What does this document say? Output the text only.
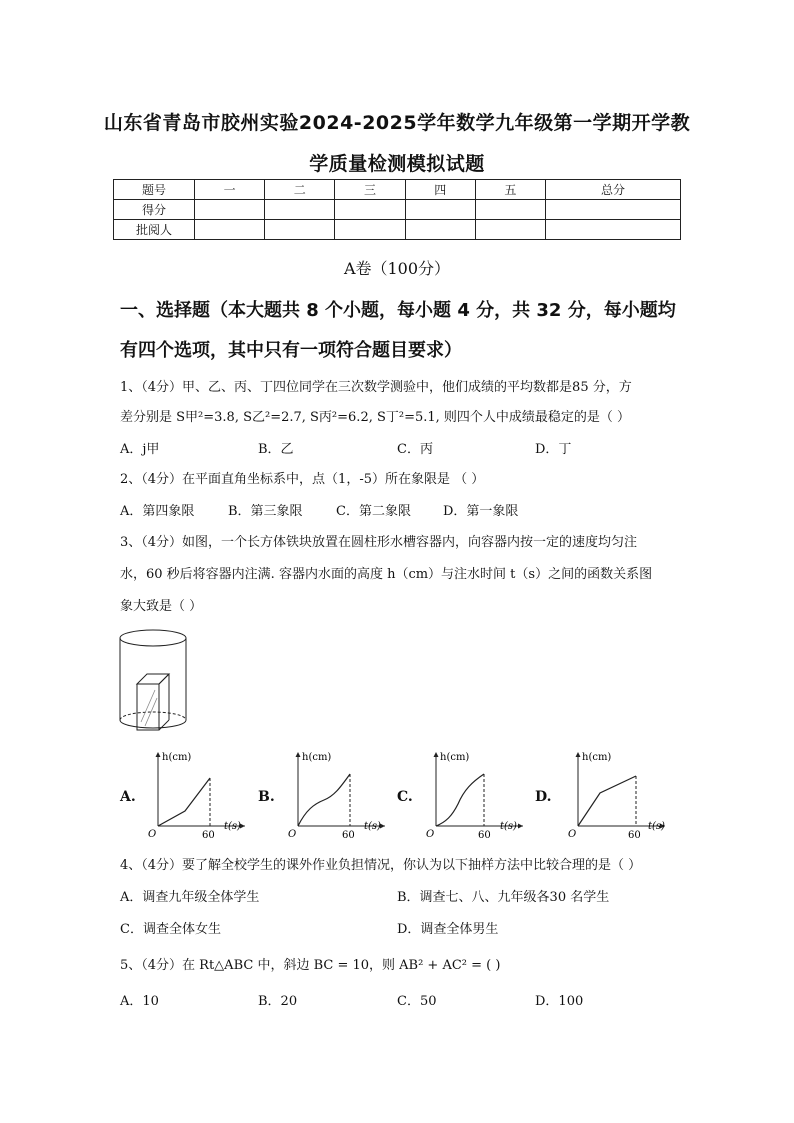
山东省青岛市胶州实验2024-2025学年数学九年级第一学期开学教
学质量检测模拟试题
题号	一	二	三	四	五	总分
得分						
批阅人						
A卷（100分）
一、选择题（本大题共 8 个小题，每小题 4 分，共 32 分，每小题均
有四个选项，其中只有一项符合题目要求）
1、（4分）甲、乙、丙、丁四位同学在三次数学测验中，他们成绩的平均数都是85 分，方
差分别是 S甲²=3.8, S乙²=2.7, S丙²=6.2, S丁²=5.1, 则四个人中成绩最稳定的是（ ）
A．j甲	B．乙	C．丙	D．丁
2、（4分）在平面直角坐标系中，点（1，-5）所在象限是 （ ）
A．第四象限	B．第三象限	C．第二象限 D．第一象限
3、（4分）如图，一个长方体铁块放置在圆柱形水槽容器内，向容器内按一定的速度均匀注
水，60 秒后将容器内注满. 容器内水面的高度 h（cm）与注水时间 t（s）之间的函数关系图
象大致是（ ）
A.
h(cm)
O	60
t(s)
B.
h(cm)
O	60
t(s)
C.
h(cm)
O	60
t(s)
D.
h(cm)
O	60
t(s)
4、（4分）要了解全校学生的课外作业负担情况，你认为以下抽样方法中比较合理的是（ ）
A．调查九年级全体学生	B．调查七、八、九年级各30 名学生
C．调查全体女生	D．调查全体男生
5、（4分）在 Rt△ABC 中，斜边 BC = 10，则 AB² + AC² = ( )
A．10	B．20	C．50	D．100
